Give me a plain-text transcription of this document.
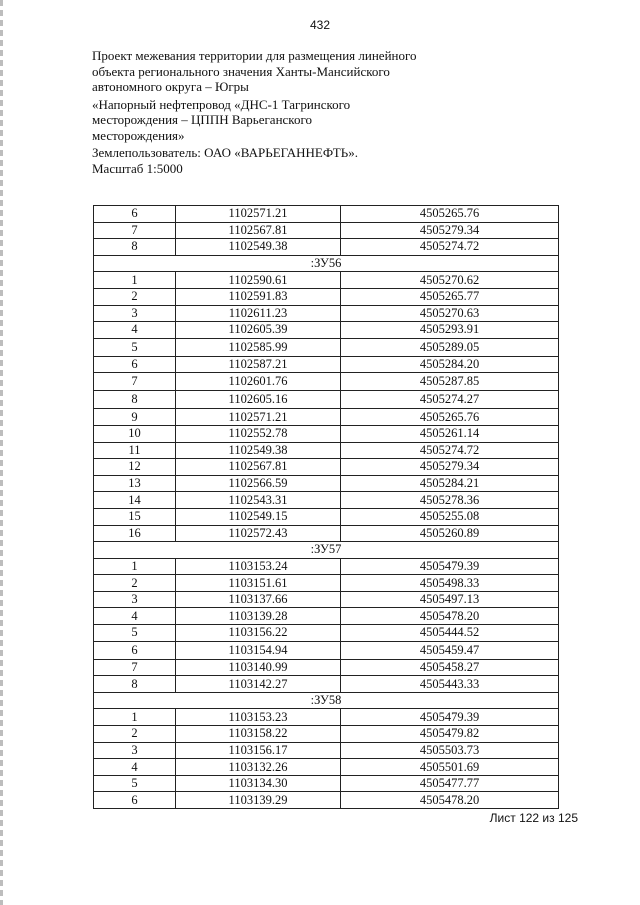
432
Проект межевания территории для размещения линейного
объекта регионального значения Ханты-Мансийского
автономного округа – Югры
«Напорный нефтепровод «ДНС-1 Тагринского
месторождения – ЦППН Варьеганского
месторождения»
Землепользователь: ОАО «ВАРЬЕГАННЕФТЬ».
Масштаб 1:5000
6	1102571.21	4505265.76
7	1102567.81	4505279.34
8	1102549.38	4505274.72
:ЗУ56		
1	1102590.61	4505270.62
2	1102591.83	4505265.77
3	1102611.23	4505270.63
4	1102605.39	4505293.91
5	1102585.99	4505289.05
6	1102587.21	4505284.20
7	1102601.76	4505287.85
8	1102605.16	4505274.27
9	1102571.21	4505265.76
10	1102552.78	4505261.14
11	1102549.38	4505274.72
12	1102567.81	4505279.34
13	1102566.59	4505284.21
14	1102543.31	4505278.36
15	1102549.15	4505255.08
16	1102572.43	4505260.89
:ЗУ57		
1	1103153.24	4505479.39
2	1103151.61	4505498.33
3	1103137.66	4505497.13
4	1103139.28	4505478.20
5	1103156.22	4505444.52
6	1103154.94	4505459.47
7	1103140.99	4505458.27
8	1103142.27	4505443.33
:ЗУ58		
1	1103153.23	4505479.39
2	1103158.22	4505479.82
3	1103156.17	4505503.73
4	1103132.26	4505501.69
5	1103134.30	4505477.77
6	1103139.29	4505478.20
Лист 122 из 125
